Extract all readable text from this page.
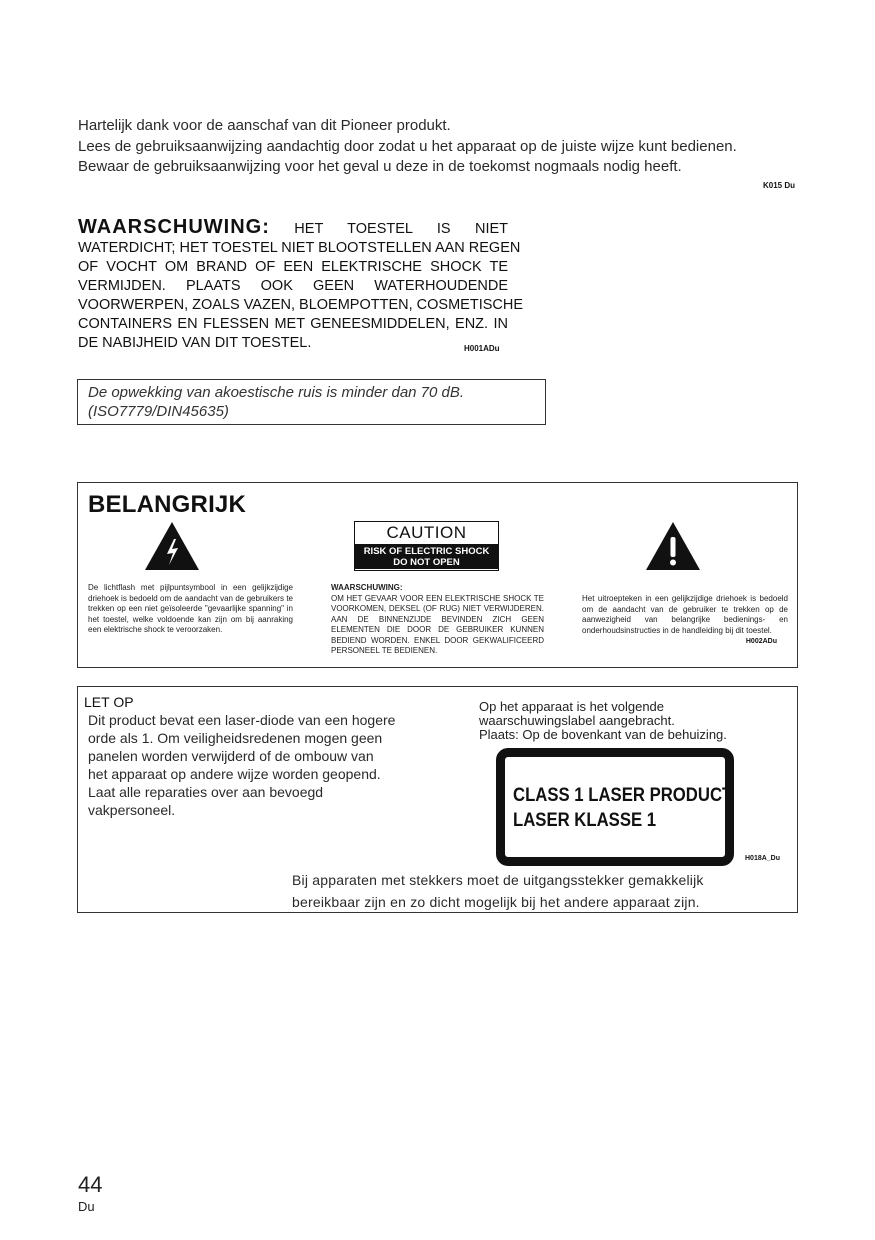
Hartelijk dank voor de aanschaf van dit Pioneer produkt.
Lees de gebruiksaanwijzing aandachtig door zodat u het apparaat op de juiste wijze kunt bedienen.
Bewaar de gebruiksaanwijzing voor het geval u deze in de toekomst nogmaals nodig heeft.
K015 Du
WAARSCHUWING: HET TOESTEL IS NIET
WATERDICHT; HET TOESTEL NIET BLOOTSTELLEN AAN REGEN
OF VOCHT OM BRAND OF EEN ELEKTRISCHE SHOCK TE
VERMIJDEN. PLAATS OOK GEEN WATERHOUDENDE
VOORWERPEN, ZOALS VAZEN, BLOEMPOTTEN, COSMETISCHE
CONTAINERS EN FLESSEN MET GENEESMIDDELEN, ENZ. IN
DE NABIJHEID VAN DIT TOESTEL.	H001ADu
De opwekking van akoestische ruis is minder dan 70 dB.
(ISO7779/DIN45635)
BELANGRIJK
CAUTION
RISK OF ELECTRIC SHOCK
DO NOT OPEN
De lichtflash met pijlpuntsymbool in een gelijkzijdige driehoek is bedoeld om de aandacht van de gebruikers te trekken op een niet geïsoleerde "gevaarlijke spanning" in het toestel, welke voldoende kan zijn om bij aanraking een elektrische shock te veroorzaken.
WAARSCHUWING:
OM HET GEVAAR VOOR EEN ELEKTRISCHE SHOCK TE VOORKOMEN, DEKSEL (OF RUG) NIET VERWIJDEREN. AAN DE BINNENZIJDE BEVINDEN ZICH GEEN ELEMENTEN DIE DOOR DE GEBRUIKER KUNNEN BEDIEND WORDEN. ENKEL DOOR GEKWALIFICEERD PERSONEEL TE BEDIENEN.
Het uitroepteken in een gelijkzijdige driehoek is bedoeld om de aandacht van de gebruiker te trekken op de aanwezigheid van belangrijke bedienings- en onderhoudsinstructies in de handleiding bij dit toestel.
H002ADu
LET OP
Dit product bevat een laser-diode van een hogere
orde als 1. Om veiligheidsredenen mogen geen
panelen worden verwijderd of de ombouw van
het apparaat op andere wijze worden geopend.
Laat alle reparaties over aan bevoegd
vakpersoneel.
Op het apparaat is het volgende
waarschuwingslabel aangebracht.
Plaats: Op de bovenkant van de behuizing.
CLASS 1 LASER PRODUCT
LASER KLASSE 1
H018A_Du
Bij apparaten met stekkers moet de uitgangsstekker gemakkelijk
bereikbaar zijn en zo dicht mogelijk bij het andere apparaat zijn.
44
Du
